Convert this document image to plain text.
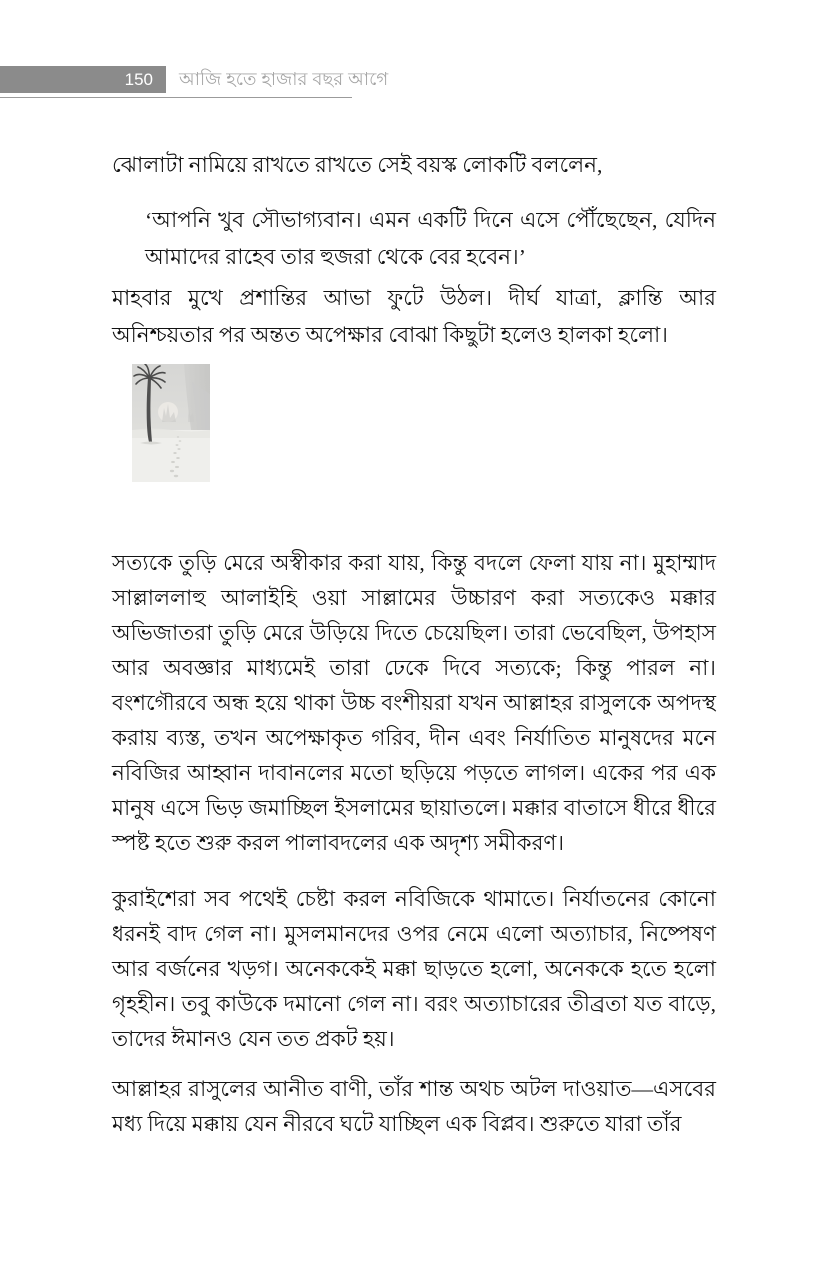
150	আজি হতে হাজার বছর আগে

ঝোলাটা নামিয়ে রাখতে রাখতে সেই বয়স্ক লোকটি বললেন,

‘আপনি খুব সৌভাগ্যবান। এমন একটি দিনে এসে পৌঁছেছেন, যেদিন আমাদের রাহেব তার হুজরা থেকে বের হবেন।’

মাহবার মুখে প্রশান্তির আভা ফুটে উঠল। দীর্ঘ যাত্রা, ক্লান্তি আর অনিশ্চয়তার পর অন্তত অপেক্ষার বোঝা কিছুটা হলেও হালকা হলো।

সত্যকে তুড়ি মেরে অস্বীকার করা যায়, কিন্তু বদলে ফেলা যায় না। মুহাম্মাদ সাল্লাললাহু আলাইহি ওয়া সাল্লামের উচ্চারণ করা সত্যকেও মক্কার অভিজাতরা তুড়ি মেরে উড়িয়ে দিতে চেয়েছিল। তারা ভেবেছিল, উপহাস আর অবজ্ঞার মাধ্যমেই তারা ঢেকে দিবে সত্যকে; কিন্তু পারল না। বংশগৌরবে অন্ধ হয়ে থাকা উচ্চ বংশীয়রা যখন আল্লাহর রাসুলকে অপদস্থ করায় ব্যস্ত, তখন অপেক্ষাকৃত গরিব, দীন এবং নির্যাতিত মানুষদের মনে নবিজির আহ্বান দাবানলের মতো ছড়িয়ে পড়তে লাগল। একের পর এক মানুষ এসে ভিড় জমাচ্ছিল ইসলামের ছায়াতলে। মক্কার বাতাসে ধীরে ধীরে স্পষ্ট হতে শুরু করল পালাবদলের এক অদৃশ্য সমীকরণ।

কুরাইশেরা সব পথেই চেষ্টা করল নবিজিকে থামাতে। নির্যাতনের কোনো ধরনই বাদ গেল না। মুসলমানদের ওপর নেমে এলো অত্যাচার, নিষ্পেষণ আর বর্জনের খড়গ। অনেককেই মক্কা ছাড়তে হলো, অনেককে হতে হলো গৃহহীন। তবু কাউকে দমানো গেল না। বরং অত্যাচারের তীব্রতা যত বাড়ে, তাদের ঈমানও যেন তত প্রকট হয়।

আল্লাহর রাসুলের আনীত বাণী, তাঁর শান্ত অথচ অটল দাওয়াত—এসবের মধ্য দিয়ে মক্কায় যেন নীরবে ঘটে যাচ্ছিল এক বিপ্লব। শুরুতে যারা তাঁর
